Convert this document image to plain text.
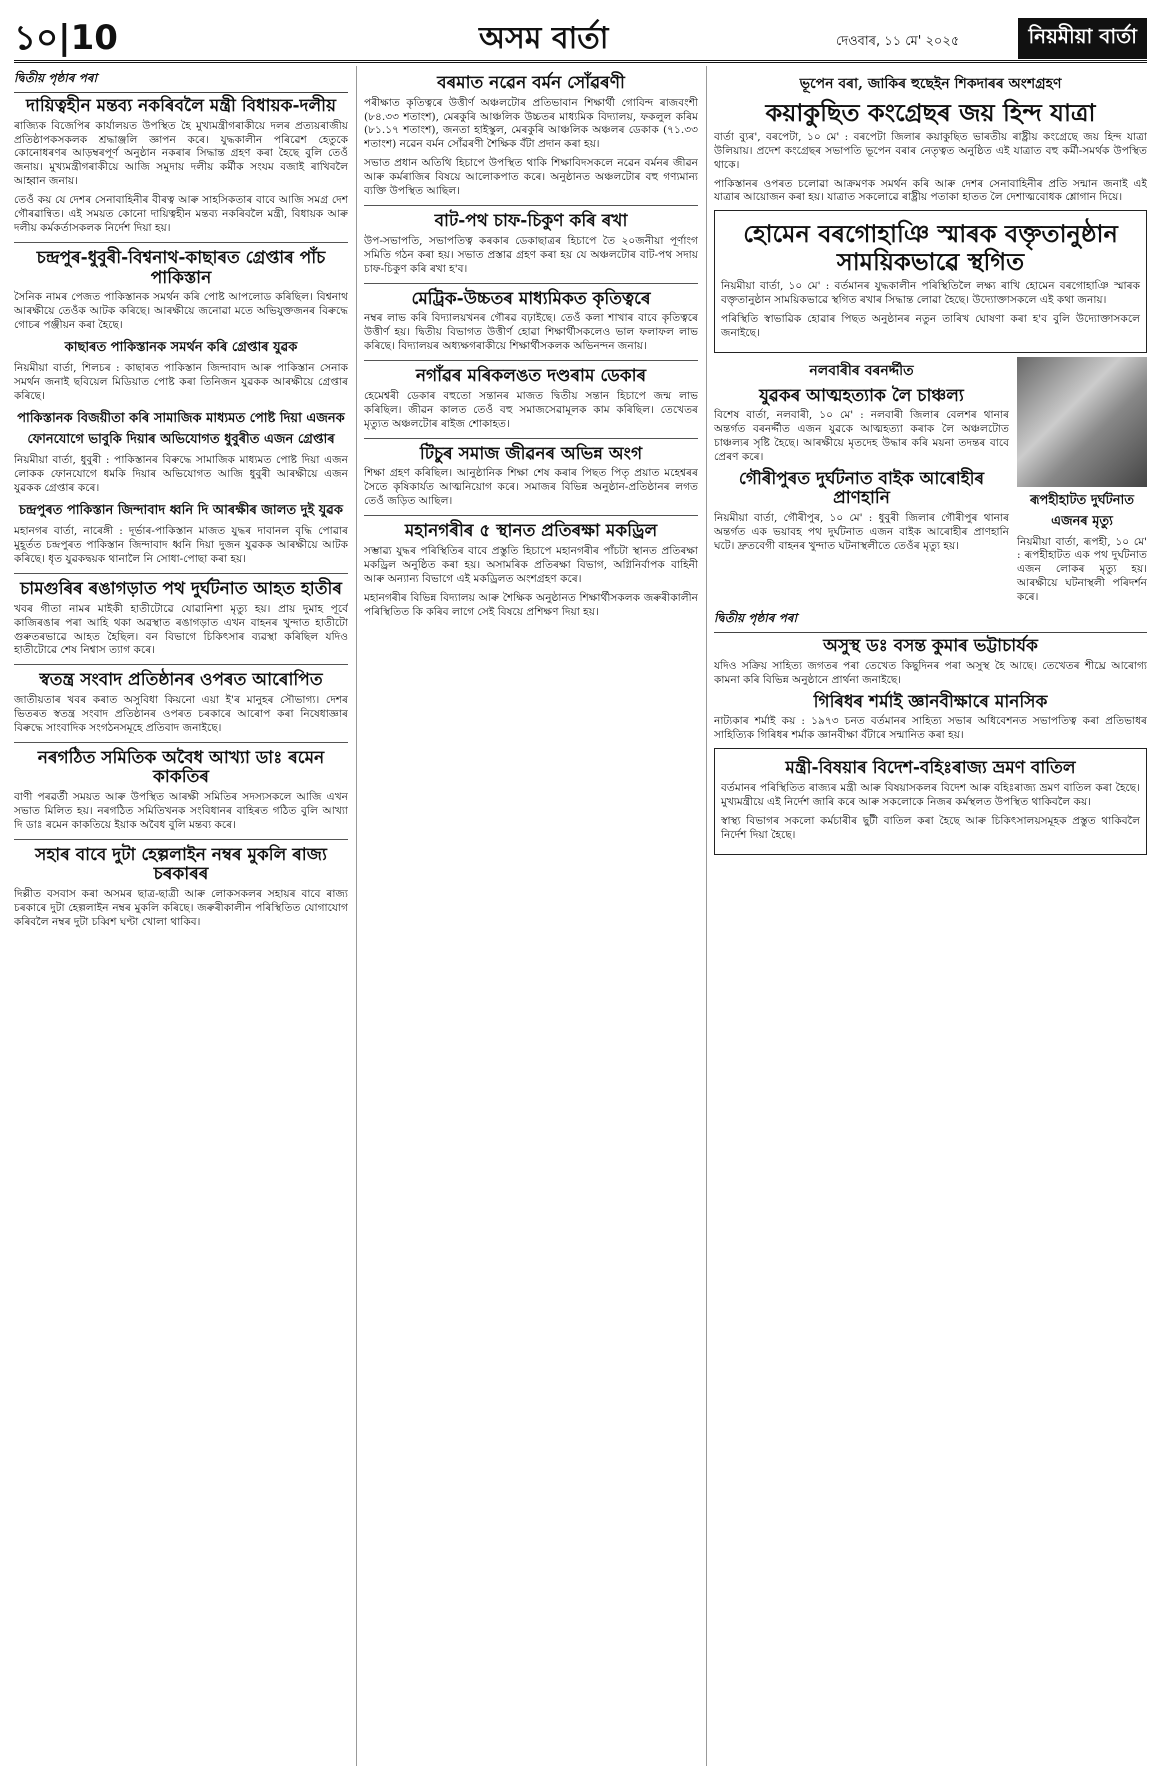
১০|10	অসম বাৰ্তা	দেওবাৰ, ১১ মে' ২০২৫	নিয়মীয়া বাৰ্তা
দ্বিতীয় পৃষ্ঠাৰ পৰা
দায়িত্বহীন মন্তব্য নকৰিবলৈ মন্ত্ৰী বিধায়ক-দলীয়

ৰাজ্যিক বিজেপিৰ কাৰ্যালয়ত উপস্থিত হৈ মুখ্যমন্ত্ৰীগৰাকীয়ে দলৰ প্ৰত্যয়ৰাজীয় প্ৰতিষ্ঠাপকসকলক শ্ৰদ্ধাঞ্জলি জ্ঞাপন কৰে। যুদ্ধকালীন পৰিৱেশ হেতুকে কোনোধৰণৰ আড়ম্বৰপূৰ্ণ অনুষ্ঠান নকৰাৰ সিদ্ধান্ত গ্ৰহণ কৰা হৈছে বুলি তেওঁ জনায়। মুখ্যমন্ত্ৰীগৰাকীয়ে আজি সমুদায় দলীয় কৰ্মীক সংযম বজাই ৰাখিবলৈ আহ্বান জনায়।

তেওঁ কয় যে দেশৰ সেনাবাহিনীৰ বীৰত্ব আৰু সাহসিকতাৰ বাবে আজি সমগ্ৰ দেশ গৌৰৱান্বিত। এই সময়ত কোনো দায়িত্বহীন মন্তব্য নকৰিবলৈ মন্ত্ৰী, বিধায়ক আৰু দলীয় কৰ্মকৰ্তাসকলক নিৰ্দেশ দিয়া হয়।

চন্দ্ৰপুৰ-ধুবুৰী-বিশ্বনাথ-কাছাৰত গ্ৰেপ্তাৰ পাঁচ পাকিস্তান

সৈনিক নামৰ পেজত পাকিস্তানক সমৰ্থন কৰি পোষ্ট আপলোড কৰিছিল। বিশ্বনাথ আৰক্ষীয়ে তেওঁক আটক কৰিছে। আৰক্ষীয়ে জনোৱা মতে অভিযুক্তজনৰ বিৰুদ্ধে গোচৰ পঞ্জীয়ন কৰা হৈছে।

কাছাৰত পাকিস্তানক সমৰ্থন কৰি গ্ৰেপ্তাৰ যুৱক

নিয়মীয়া বাৰ্তা, শিলচৰ : কাছাৰত পাকিস্তান জিন্দাবাদ আৰু পাকিস্তান সেনাক সমৰ্থন জনাই ছবিয়েল মিডিয়াত পোষ্ট কৰা তিনিজন যুৱকক আৰক্ষীয়ে গ্ৰেপ্তাৰ কৰিছে।

পাকিস্তানক বিজয়ীতা কৰি সামাজিক মাধ্যমত পোষ্ট দিয়া এজনক ফোনযোগে ভাবুকি দিয়াৰ অভিযোগত ধুবুৰীত এজন গ্ৰেপ্তাৰ

নিয়মীয়া বাৰ্তা, ধুবুৰী : পাকিস্তানৰ বিৰুদ্ধে সামাজিক মাধ্যমত পোষ্ট দিয়া এজন লোকক ফোনযোগে ধমকি দিয়াৰ অভিযোগত আজি ধুবুৰী আৰক্ষীয়ে এজন যুৱকক গ্ৰেপ্তাৰ কৰে।

চন্দ্ৰপুৰত পাকিস্তান জিন্দাবাদ ধ্বনি দি আৰক্ষীৰ জালত দুই যুৱক

মহানগৰ বাৰ্তা, নাৰেঙ্গী : দূৰ্ভাৰ-পাকিস্তান মাজত যুদ্ধৰ দাবানল বৃদ্ধি পোৱাৰ মুহূৰ্তত চন্দ্ৰপুৰত পাকিস্তান জিন্দাবাদ ধ্বনি দিয়া দুজন যুৱকক আৰক্ষীয়ে আটক কৰিছে। ধৃত যুৱকদ্বয়ক থানালৈ নি সোধা-পোছা কৰা হয়।

চামগুৰিৰ ৰঙাগড়াত পথ দুৰ্ঘটনাত আহত হাতীৰ

খবৰ গীতা নামৰ মাইকী হাতীটোৱে যোৱানিশা মৃত্যু হয়। প্ৰায় দুমাহ পূৰ্বে কাজিৰঙাৰ পৰা আহি থকা অৱস্থাত ৰঙাগড়াত এখন বাহনৰ খুন্দাত হাতীটো গুৰুতৰভাৱে আহত হৈছিল। বন বিভাগে চিকিৎসাৰ ব্যৱস্থা কৰিছিল যদিও হাতীটোৱে শেষ নিশ্বাস ত্যাগ কৰে।

স্বতন্ত্ৰ সংবাদ প্ৰতিষ্ঠানৰ ওপৰত আৰোপিত

জাতীয়তাৰ খবৰ কৰাত অসুবিধা কিয়নো এয়া ই'ৰ মানুহৰ সৌভাগ্য। দেশৰ ভিতৰত স্বতন্ত্ৰ সংবাদ প্ৰতিষ্ঠানৰ ওপৰত চৰকাৰে আৰোপ কৰা নিষেধাজ্ঞাৰ বিৰুদ্ধে সাংবাদিক সংগঠনসমূহে প্ৰতিবাদ জনাইছে।

নৰগঠিত সমিতিক অবৈধ আখ্যা ডাঃ ৰমেন কাকতিৰ

বাণী পৰৱৰ্তী সময়ত আৰু উপস্থিত আৰক্ষী সমিতিৰ সদস্যসকলে আজি এখন সভাত মিলিত হয়। নৰগঠিত সমিতিখনক সংবিধানৰ বাহিৰত গঠিত বুলি আখ্যা দি ডাঃ ৰমেন কাকতিয়ে ইয়াক অবৈধ বুলি মন্তব্য কৰে।

সহাৰ বাবে দুটা হেল্পলাইন নম্বৰ মুকলি ৰাজ্য চৰকাৰৰ

দিল্লীত বসবাস কৰা অসমৰ ছাত্ৰ-ছাত্ৰী আৰু লোকসকলৰ সহায়ৰ বাবে ৰাজ্য চৰকাৰে দুটা হেল্পলাইন নম্বৰ মুকলি কৰিছে। জৰুৰীকালীন পৰিস্থিতিত যোগাযোগ কৰিবলৈ নম্বৰ দুটা চব্বিশ ঘণ্টা খোলা থাকিব।

বৰমাত নৱেন বৰ্মন সোঁৱৰণী

পৰীক্ষাত কৃতিত্বৰে উত্তীৰ্ণ অঞ্চলটোৰ প্ৰতিভাবান শিক্ষাৰ্থী গোবিন্দ ৰাজবংশী (৮৪.৩৩ শতাংশ), মেৰকুৰি আঞ্চলিক উচ্চতৰ মাধ্যমিক বিদ্যালয়, ফকলুল কৰিম (৮১.১৭ শতাংশ), জনতা হাইস্কুল, মেৰকুৰি আঞ্চলিক অঞ্চলৰ ডেকাক (৭১.৩৩ শতাংশ) নৱেন বৰ্মন সোঁৱৰণী শৈক্ষিক বঁটা প্ৰদান কৰা হয়।

সভাত প্ৰধান অতিথি হিচাপে উপস্থিত থাকি শিক্ষাবিদসকলে নৱেন বৰ্মনৰ জীৱন আৰু কৰ্মৰাজিৰ বিষয়ে আলোকপাত কৰে। অনুষ্ঠানত অঞ্চলটোৰ বহু গণ্যমান্য ব্যক্তি উপস্থিত আছিল।

বাট-পথ চাফ-চিকুণ কৰি ৰখা

উপ-সভাপতি, সভাপতিত্ব কৰকাৰ ডেকাছাত্ৰৰ হিচাপে তৈ ২০জনীয়া পূৰ্ণাংগ সমিতি গঠন কৰা হয়। সভাত প্ৰস্তাৱ গ্ৰহণ কৰা হয় যে অঞ্চলটোৰ বাট-পথ সদায় চাফ-চিকুণ কৰি ৰখা হ'ব।

মেট্ৰিক-উচ্চতৰ মাধ্যমিকত কৃতিত্বৰে

নম্বৰ লাভ কৰি বিদ্যালয়খনৰ গৌৰৱ বঢ়াইছে। তেওঁ কলা শাখাৰ বাবে কৃতিত্বৰে উত্তীৰ্ণ হয়। দ্বিতীয় বিভাগত উত্তীৰ্ণ হোৱা শিক্ষাৰ্থীসকলেও ভাল ফলাফল লাভ কৰিছে। বিদ্যালয়ৰ অধ্যক্ষগৰাকীয়ে শিক্ষাৰ্থীসকলক অভিনন্দন জনায়।

নগাঁৱৰ মৰিকলঙত দণ্ডৰাম ডেকাৰ

হেমেশ্বৰী ডেকাৰ বহুতো সন্তানৰ মাজত দ্বিতীয় সন্তান হিচাপে জন্ম লাভ কৰিছিল। জীৱন কালত তেওঁ বহু সমাজসেৱামূলক কাম কৰিছিল। তেখেতৰ মৃত্যুত অঞ্চলটোৰ ৰাইজ শোকাহত।

টিচুৰ সমাজ জীৱনৰ অভিন্ন অংগ

শিক্ষা গ্ৰহণ কৰিছিল। আনুষ্ঠানিক শিক্ষা শেষ কৰাৰ পিছত পিতৃ প্ৰয়াত মহেশ্বৰৰ সৈতে কৃষিকাৰ্যত আত্মনিয়োগ কৰে। সমাজৰ বিভিন্ন অনুষ্ঠান-প্ৰতিষ্ঠানৰ লগত তেওঁ জড়িত আছিল।

মহানগৰীৰ ৫ স্থানত প্ৰতিৰক্ষা মকড্ৰিল

সম্ভাৱ্য যুদ্ধৰ পৰিস্থিতিৰ বাবে প্ৰস্তুতি হিচাপে মহানগৰীৰ পাঁচটা স্থানত প্ৰতিৰক্ষা মকড্ৰিল অনুষ্ঠিত কৰা হয়। অসামৰিক প্ৰতিৰক্ষা বিভাগ, অগ্নিনিৰ্বাপক বাহিনী আৰু অন্যান্য বিভাগে এই মকড্ৰিলত অংশগ্ৰহণ কৰে।

মহানগৰীৰ বিভিন্ন বিদ্যালয় আৰু শৈক্ষিক অনুষ্ঠানত শিক্ষাৰ্থীসকলক জৰুৰীকালীন পৰিস্থিতিত কি কৰিব লাগে সেই বিষয়ে প্ৰশিক্ষণ দিয়া হয়।

ভূপেন বৰা, জাকিৰ হুছেইন শিকদাৰৰ অংশগ্ৰহণ
কয়াকুছিত কংগ্ৰেছৰ জয় হিন্দ যাত্ৰা

বাৰ্তা ব্যুৰ', বৰপেটা, ১০ মে' : বৰপেটা জিলাৰ কয়াকুছিত ভাৰতীয় ৰাষ্ট্ৰীয় কংগ্ৰেছে জয় হিন্দ যাত্ৰা উলিয়ায়। প্ৰদেশ কংগ্ৰেছৰ সভাপতি ভূপেন বৰাৰ নেতৃত্বত অনুষ্ঠিত এই যাত্ৰাত বহু কৰ্মী-সমৰ্থক উপস্থিত থাকে।

পাকিস্তানৰ ওপৰত চলোৱা আক্ৰমণক সমৰ্থন কৰি আৰু দেশৰ সেনাবাহিনীৰ প্ৰতি সন্মান জনাই এই যাত্ৰাৰ আয়োজন কৰা হয়। যাত্ৰাত সকলোৱে ৰাষ্ট্ৰীয় পতাকা হাতত লৈ দেশাত্মবোধক শ্লোগান দিয়ে।

হোমেন বৰগোহাঞি স্মাৰক বক্তৃতানুষ্ঠান সাময়িকভাৱে স্থগিত

নিয়মীয়া বাৰ্তা, ১০ মে' : বৰ্তমানৰ যুদ্ধকালীন পৰিস্থিতিলৈ লক্ষ্য ৰাখি হোমেন বৰগোহাঞি স্মাৰক বক্তৃতানুষ্ঠান সাময়িকভাৱে স্থগিত ৰখাৰ সিদ্ধান্ত লোৱা হৈছে। উদ্যোক্তাসকলে এই কথা জনায়।

পৰিস্থিতি স্বাভাৱিক হোৱাৰ পিছত অনুষ্ঠানৰ নতুন তাৰিখ ঘোষণা কৰা হ'ব বুলি উদ্যোক্তাসকলে জনাইছে।

নলবাৰীৰ বৰনৰ্দ্দীত
যুৱকৰ আত্মহত্যাক লৈ চাঞ্চল্য

বিশেষ বাৰ্তা, নলবাৰী, ১০ মে' : নলবাৰী জিলাৰ বেলশৰ থানাৰ অন্তৰ্গত বৰনৰ্দ্দীত এজন যুৱকে আত্মহত্যা কৰাক লৈ অঞ্চলটোত চাঞ্চল্যৰ সৃষ্টি হৈছে। আৰক্ষীয়ে মৃতদেহ উদ্ধাৰ কৰি ময়না তদন্তৰ বাবে প্ৰেৰণ কৰে।

গৌৰীপুৰত দুৰ্ঘটনাত বাইক আৰোহীৰ প্ৰাণহানি

নিয়মীয়া বাৰ্তা, গৌৰীপুৰ, ১০ মে' : ধুবুৰী জিলাৰ গৌৰীপুৰ থানাৰ অন্তৰ্গত এক ভয়াবহ পথ দুৰ্ঘটনাত এজন বাইক আৰোহীৰ প্ৰাণহানি ঘটে। দ্ৰুতবেগী বাহনৰ খুন্দাত ঘটনাস্থলীতে তেওঁৰ মৃত্যু হয়।

ৰূপহীহাটত দুৰ্ঘটনাত এজনৰ মৃত্যু

নিয়মীয়া বাৰ্তা, ৰূপহী, ১০ মে' : ৰূপহীহাটত এক পথ দুৰ্ঘটনাত এজন লোকৰ মৃত্যু হয়। আৰক্ষীয়ে ঘটনাস্থলী পৰিদৰ্শন কৰে।

দ্বিতীয় পৃষ্ঠাৰ পৰা
অসুস্থ ডঃ বসন্ত কুমাৰ ভট্টাচাৰ্যক

যদিও সক্ৰিয় সাহিত্য জগতৰ পৰা তেখেত কিছুদিনৰ পৰা অসুস্থ হৈ আছে। তেখেতৰ শীঘ্ৰে আৰোগ্য কামনা কৰি বিভিন্ন অনুষ্ঠানে প্ৰাৰ্থনা জনাইছে।

গিৰিধৰ শৰ্মাই জ্ঞানবীক্ষাৰে মানসিক

নাট্যকাৰ শৰ্মাই কয় : ১৯৭৩ চনত বৰ্তমানৰ সাহিত্য সভাৰ অধিবেশনত সভাপতিত্ব কৰা প্ৰতিভাধৰ সাহিত্যিক গিৰিধৰ শৰ্মাক জ্ঞানবীক্ষা বঁটাৰে সন্মানিত কৰা হয়।

মন্ত্ৰী-বিষয়াৰ বিদেশ-বহিঃৰাজ্য ভ্ৰমণ বাতিল

বৰ্তমানৰ পৰিস্থিতিত ৰাজ্যৰ মন্ত্ৰী আৰু বিষয়াসকলৰ বিদেশ আৰু বহিঃৰাজ্য ভ্ৰমণ বাতিল কৰা হৈছে। মুখ্যমন্ত্ৰীয়ে এই নিৰ্দেশ জাৰি কৰে আৰু সকলোকে নিজৰ কৰ্মস্থলত উপস্থিত থাকিবলৈ কয়।

স্বাস্থ্য বিভাগৰ সকলো কৰ্মচাৰীৰ ছুটী বাতিল কৰা হৈছে আৰু চিকিৎসালয়সমূহক প্ৰস্তুত থাকিবলৈ নিৰ্দেশ দিয়া হৈছে।
